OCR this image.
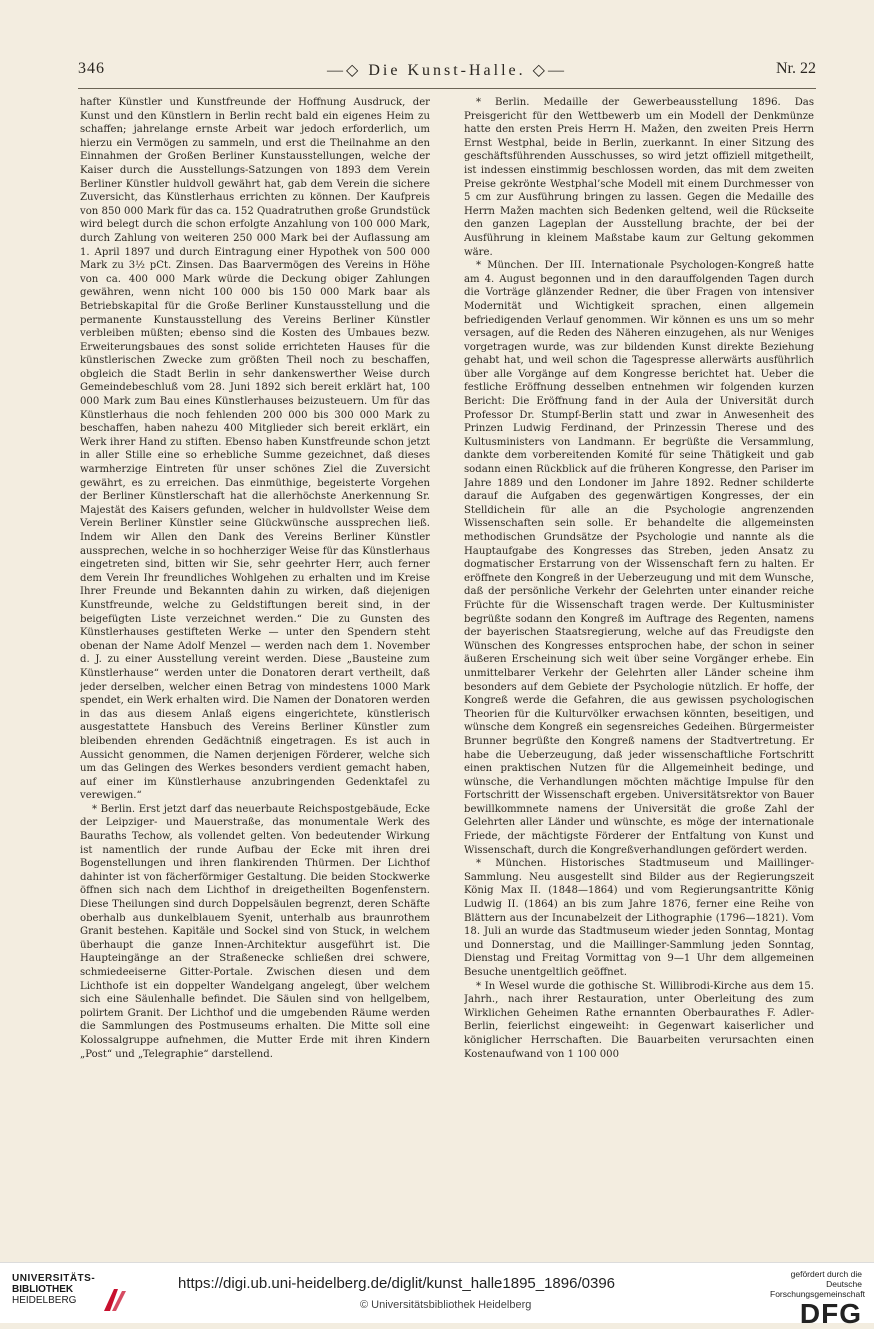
346	—◇ Die Kunst-Halle. ◇—	Nr. 22

hafter Künstler und Kunstfreunde der Hoffnung Ausdruck, der Kunst und den Künstlern in Berlin recht bald ein eigenes Heim zu schaffen; jahrelange ernste Arbeit war jedoch erforderlich, um hierzu ein Vermögen zu sammeln, und erst die Theilnahme an den Einnahmen der Großen Berliner Kunstausstellungen, welche der Kaiser durch die Ausstellungs-Satzungen von 1893 dem Verein Berliner Künstler huldvoll gewährt hat, gab dem Verein die sichere Zuversicht, das Künstlerhaus errichten zu können. Der Kaufpreis von 850 000 Mark für das ca. 152 Quadratruthen große Grundstück wird belegt durch die schon erfolgte Anzahlung von 100 000 Mark, durch Zahlung von weiteren 250 000 Mark bei der Auflassung am 1. April 1897 und durch Eintragung einer Hypothek von 500 000 Mark zu 3½ pCt. Zinsen. Das Baarvermögen des Vereins in Höhe von ca. 400 000 Mark würde die Deckung obiger Zahlungen gewähren, wenn nicht 100 000 bis 150 000 Mark baar als Betriebskapital für die Große Berliner Kunstausstellung und die permanente Kunstausstellung des Vereins Berliner Künstler verbleiben müßten; ebenso sind die Kosten des Umbaues bezw. Erweiterungsbaues des sonst solide errichteten Hauses für die künstlerischen Zwecke zum größten Theil noch zu beschaffen, obgleich die Stadt Berlin in sehr dankenswerther Weise durch Gemeindebeschluß vom 28. Juni 1892 sich bereit erklärt hat, 100 000 Mark zum Bau eines Künstlerhauses beizusteuern. Um für das Künstlerhaus die noch fehlenden 200 000 bis 300 000 Mark zu beschaffen, haben nahezu 400 Mitglieder sich bereit erklärt, ein Werk ihrer Hand zu stiften. Ebenso haben Kunstfreunde schon jetzt in aller Stille eine so erhebliche Summe gezeichnet, daß dieses warmherzige Eintreten für unser schönes Ziel die Zuversicht gewährt, es zu erreichen. Das einmüthige, begeisterte Vorgehen der Berliner Künstlerschaft hat die allerhöchste Anerkennung Sr. Majestät des Kaisers gefunden, welcher in huldvollster Weise dem Verein Berliner Künstler seine Glückwünsche aussprechen ließ. Indem wir Allen den Dank des Vereins Berliner Künstler aussprechen, welche in so hochherziger Weise für das Künstlerhaus eingetreten sind, bitten wir Sie, sehr geehrter Herr, auch ferner dem Verein Ihr freundliches Wohlgehen zu erhalten und im Kreise Ihrer Freunde und Bekannten dahin zu wirken, daß diejenigen Kunstfreunde, welche zu Geldstiftungen bereit sind, in der beigefügten Liste verzeichnet werden.“ Die zu Gunsten des Künstlerhauses gestifteten Werke — unter den Spendern steht obenan der Name Adolf Menzel — werden nach dem 1. November d. J. zu einer Ausstellung vereint werden. Diese „Bausteine zum Künstlerhause“ werden unter die Donatoren derart vertheilt, daß jeder derselben, welcher einen Betrag von mindestens 1000 Mark spendet, ein Werk erhalten wird. Die Namen der Donatoren werden in das aus diesem Anlaß eigens eingerichtete, künstlerisch ausgestattete Hansbuch des Vereins Berliner Künstler zum bleibenden ehrenden Gedächtniß eingetragen. Es ist auch in Aussicht genommen, die Namen derjenigen Förderer, welche sich um das Gelingen des Werkes besonders verdient gemacht haben, auf einer im Künstlerhause anzubringenden Gedenktafel zu verewigen.“

* Berlin. Erst jetzt darf das neuerbaute Reichspostgebäude, Ecke der Leipziger- und Mauerstraße, das monumentale Werk des Bauraths Techow, als vollendet gelten. Von bedeutender Wirkung ist namentlich der runde Aufbau der Ecke mit ihren drei Bogenstellungen und ihren flankirenden Thürmen. Der Lichthof dahinter ist von fächerförmiger Gestaltung. Die beiden Stockwerke öffnen sich nach dem Lichthof in dreigetheilten Bogenfenstern. Diese Theilungen sind durch Doppelsäulen begrenzt, deren Schäfte oberhalb aus dunkelblauem Syenit, unterhalb aus braunrothem Granit bestehen. Kapitäle und Sockel sind von Stuck, in welchem überhaupt die ganze Innen-Architektur ausgeführt ist. Die Haupteingänge an der Straßenecke schließen drei schwere, schmiedeeiserne Gitter-Portale. Zwischen diesen und dem Lichthofe ist ein doppelter Wandelgang angelegt, über welchem sich eine Säulenhalle befindet. Die Säulen sind von hellgelbem, polirtem Granit. Der Lichthof und die umgebenden Räume werden die Sammlungen des Postmuseums erhalten. Die Mitte soll eine Kolossalgruppe aufnehmen, die Mutter Erde mit ihren Kindern „Post“ und „Telegraphie“ darstellend.

* Berlin. Medaille der Gewerbeausstellung 1896. Das Preisgericht für den Wettbewerb um ein Modell der Denkmünze hatte den ersten Preis Herrn H. Mažen, den zweiten Preis Herrn Ernst Westphal, beide in Berlin, zuerkannt. In einer Sitzung des geschäftsführenden Ausschusses, so wird jetzt offiziell mitgetheilt, ist indessen einstimmig beschlossen worden, das mit dem zweiten Preise gekrönte Westphal’sche Modell mit einem Durchmesser von 5 cm zur Ausführung bringen zu lassen. Gegen die Medaille des Herrn Mažen machten sich Bedenken geltend, weil die Rückseite den ganzen Lageplan der Ausstellung brachte, der bei der Ausführung in kleinem Maßstabe kaum zur Geltung gekommen wäre.

* München. Der III. Internationale Psychologen-Kongreß hatte am 4. August begonnen und in den darauffolgenden Tagen durch die Vorträge glänzender Redner, die über Fragen von intensiver Modernität und Wichtigkeit sprachen, einen allgemein befriedigenden Verlauf genommen. Wir können es uns um so mehr versagen, auf die Reden des Näheren einzugehen, als nur Weniges vorgetragen wurde, was zur bildenden Kunst direkte Beziehung gehabt hat, und weil schon die Tagespresse allerwärts ausführlich über alle Vorgänge auf dem Kongresse berichtet hat. Ueber die festliche Eröffnung desselben entnehmen wir folgenden kurzen Bericht: Die Eröffnung fand in der Aula der Universität durch Professor Dr. Stumpf-Berlin statt und zwar in Anwesenheit des Prinzen Ludwig Ferdinand, der Prinzessin Therese und des Kultusministers von Landmann. Er begrüßte die Versammlung, dankte dem vorbereitenden Komité für seine Thätigkeit und gab sodann einen Rückblick auf die früheren Kongresse, den Pariser im Jahre 1889 und den Londoner im Jahre 1892. Redner schilderte darauf die Aufgaben des gegenwärtigen Kongresses, der ein Stelldichein für alle an die Psychologie angrenzenden Wissenschaften sein solle. Er behandelte die allgemeinsten methodischen Grundsätze der Psychologie und nannte als die Hauptaufgabe des Kongresses das Streben, jeden Ansatz zu dogmatischer Erstarrung von der Wissenschaft fern zu halten. Er eröffnete den Kongreß in der Ueberzeugung und mit dem Wunsche, daß der persönliche Verkehr der Gelehrten unter einander reiche Früchte für die Wissenschaft tragen werde. Der Kultusminister begrüßte sodann den Kongreß im Auftrage des Regenten, namens der bayerischen Staatsregierung, welche auf das Freudigste den Wünschen des Kongresses entsprochen habe, der schon in seiner äußeren Erscheinung sich weit über seine Vorgänger erhebe. Ein unmittelbarer Verkehr der Gelehrten aller Länder scheine ihm besonders auf dem Gebiete der Psychologie nützlich. Er hoffe, der Kongreß werde die Gefahren, die aus gewissen psychologischen Theorien für die Kulturvölker erwachsen könnten, beseitigen, und wünsche dem Kongreß ein segensreiches Gedeihen. Bürgermeister Brunner begrüßte den Kongreß namens der Stadtvertretung. Er habe die Ueberzeugung, daß jeder wissenschaftliche Fortschritt einen praktischen Nutzen für die Allgemeinheit bedinge, und wünsche, die Verhandlungen möchten mächtige Impulse für den Fortschritt der Wissenschaft ergeben. Universitätsrektor von Bauer bewillkommnete namens der Universität die große Zahl der Gelehrten aller Länder und wünschte, es möge der internationale Friede, der mächtigste Förderer der Entfaltung von Kunst und Wissenschaft, durch die Kongreßverhandlungen gefördert werden.

* München. Historisches Stadtmuseum und Maillinger-Sammlung. Neu ausgestellt sind Bilder aus der Regierungszeit König Max II. (1848—1864) und vom Regierungsantritte König Ludwig II. (1864) an bis zum Jahre 1876, ferner eine Reihe von Blättern aus der Incunabelzeit der Lithographie (1796—1821). Vom 18. Juli an wurde das Stadtmuseum wieder jeden Sonntag, Montag und Donnerstag, und die Maillinger-Sammlung jeden Sonntag, Dienstag und Freitag Vormittag von 9—1 Uhr dem allgemeinen Besuche unentgeltlich geöffnet.

* In Wesel wurde die gothische St. Willibrodi-Kirche aus dem 15. Jahrh., nach ihrer Restauration, unter Oberleitung des zum Wirklichen Geheimen Rathe ernannten Oberbaurathes F. Adler-Berlin, feierlichst eingeweiht: in Gegenwart kaiserlicher und königlicher Herrschaften. Die Bauarbeiten verursachten einen Kostenaufwand von 1 100 000

UNIVERSITÄTS-
BIBLIOTHEK
HEIDELBERG
https://digi.ub.uni-heidelberg.de/diglit/kunst_halle1895_1896/0396
© Universitätsbibliothek Heidelberg
gefördert durch die
Deutsche
Forschungsgemeinschaft
DFG
